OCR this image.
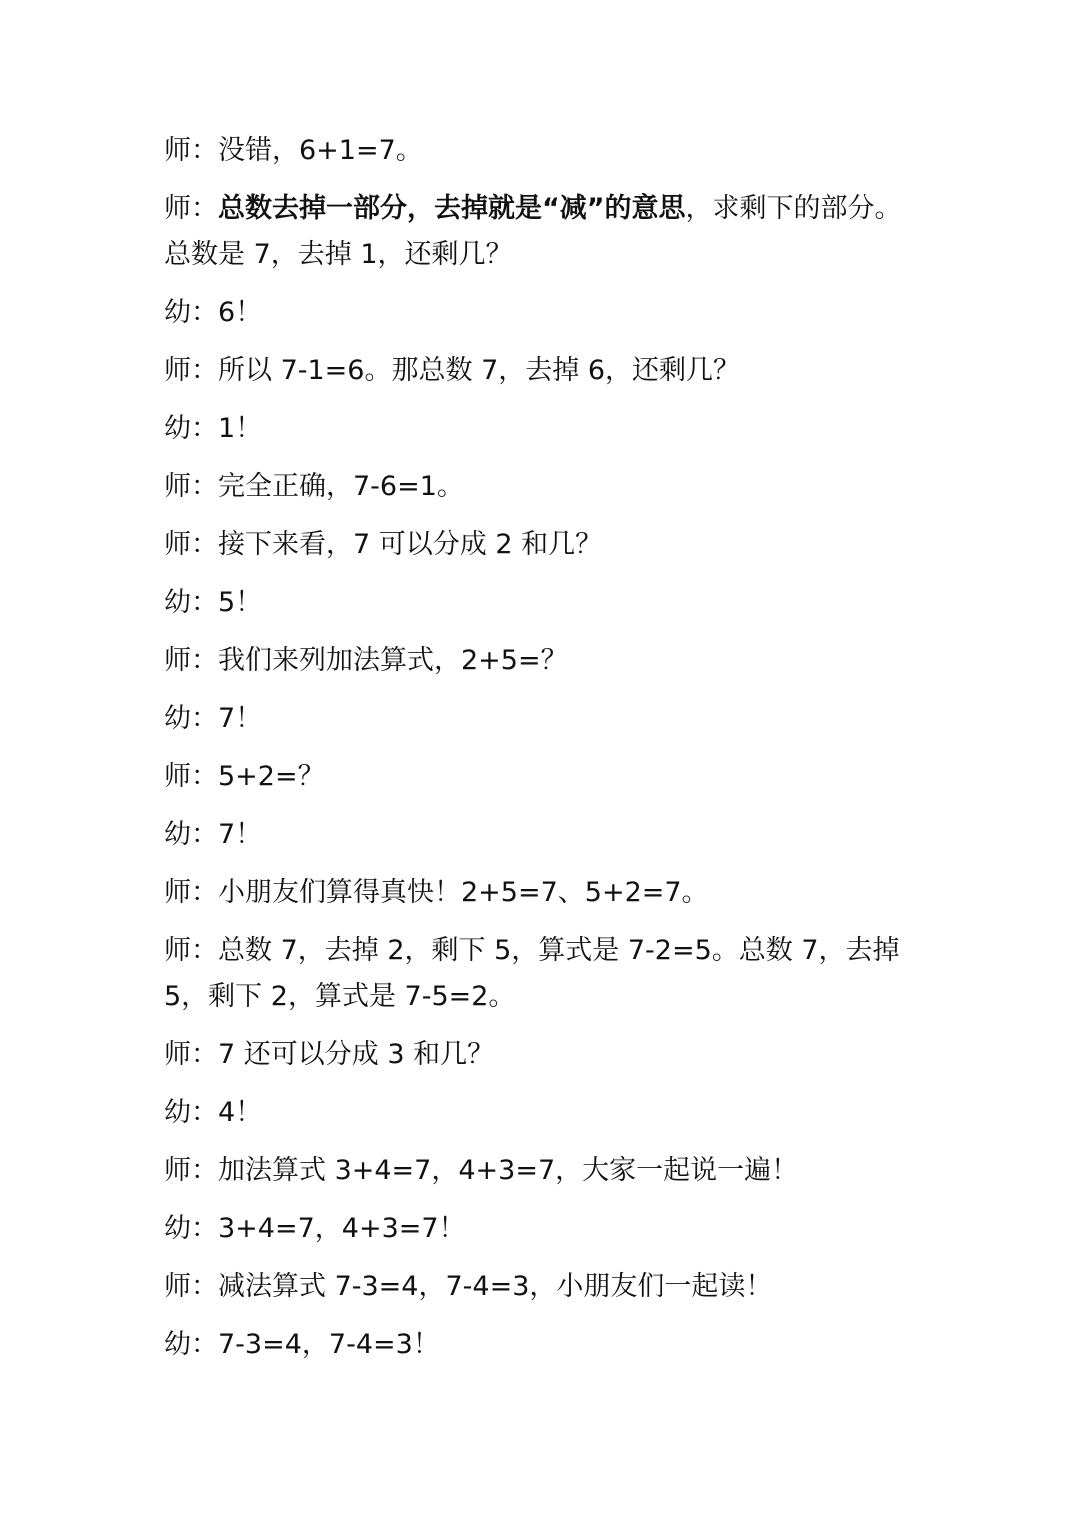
师：没错，6+1=7。

师：总数去掉一部分，去掉就是“减”的意思，求剩下的部分。总数是 7，去掉 1，还剩几？

幼：6！

师：所以 7-1=6。那总数 7，去掉 6，还剩几？

幼：1！

师：完全正确，7-6=1。

师：接下来看，7 可以分成 2 和几？

幼：5！

师：我们来列加法算式，2+5=？

幼：7！

师：5+2=？

幼：7！

师：小朋友们算得真快！2+5=7、5+2=7。

师：总数 7，去掉 2，剩下 5，算式是 7-2=5。总数 7，去掉 5，剩下 2，算式是 7-5=2。

师：7 还可以分成 3 和几？

幼：4！

师：加法算式 3+4=7，4+3=7，大家一起说一遍！

幼：3+4=7，4+3=7！

师：减法算式 7-3=4，7-4=3，小朋友们一起读！

幼：7-3=4，7-4=3！
